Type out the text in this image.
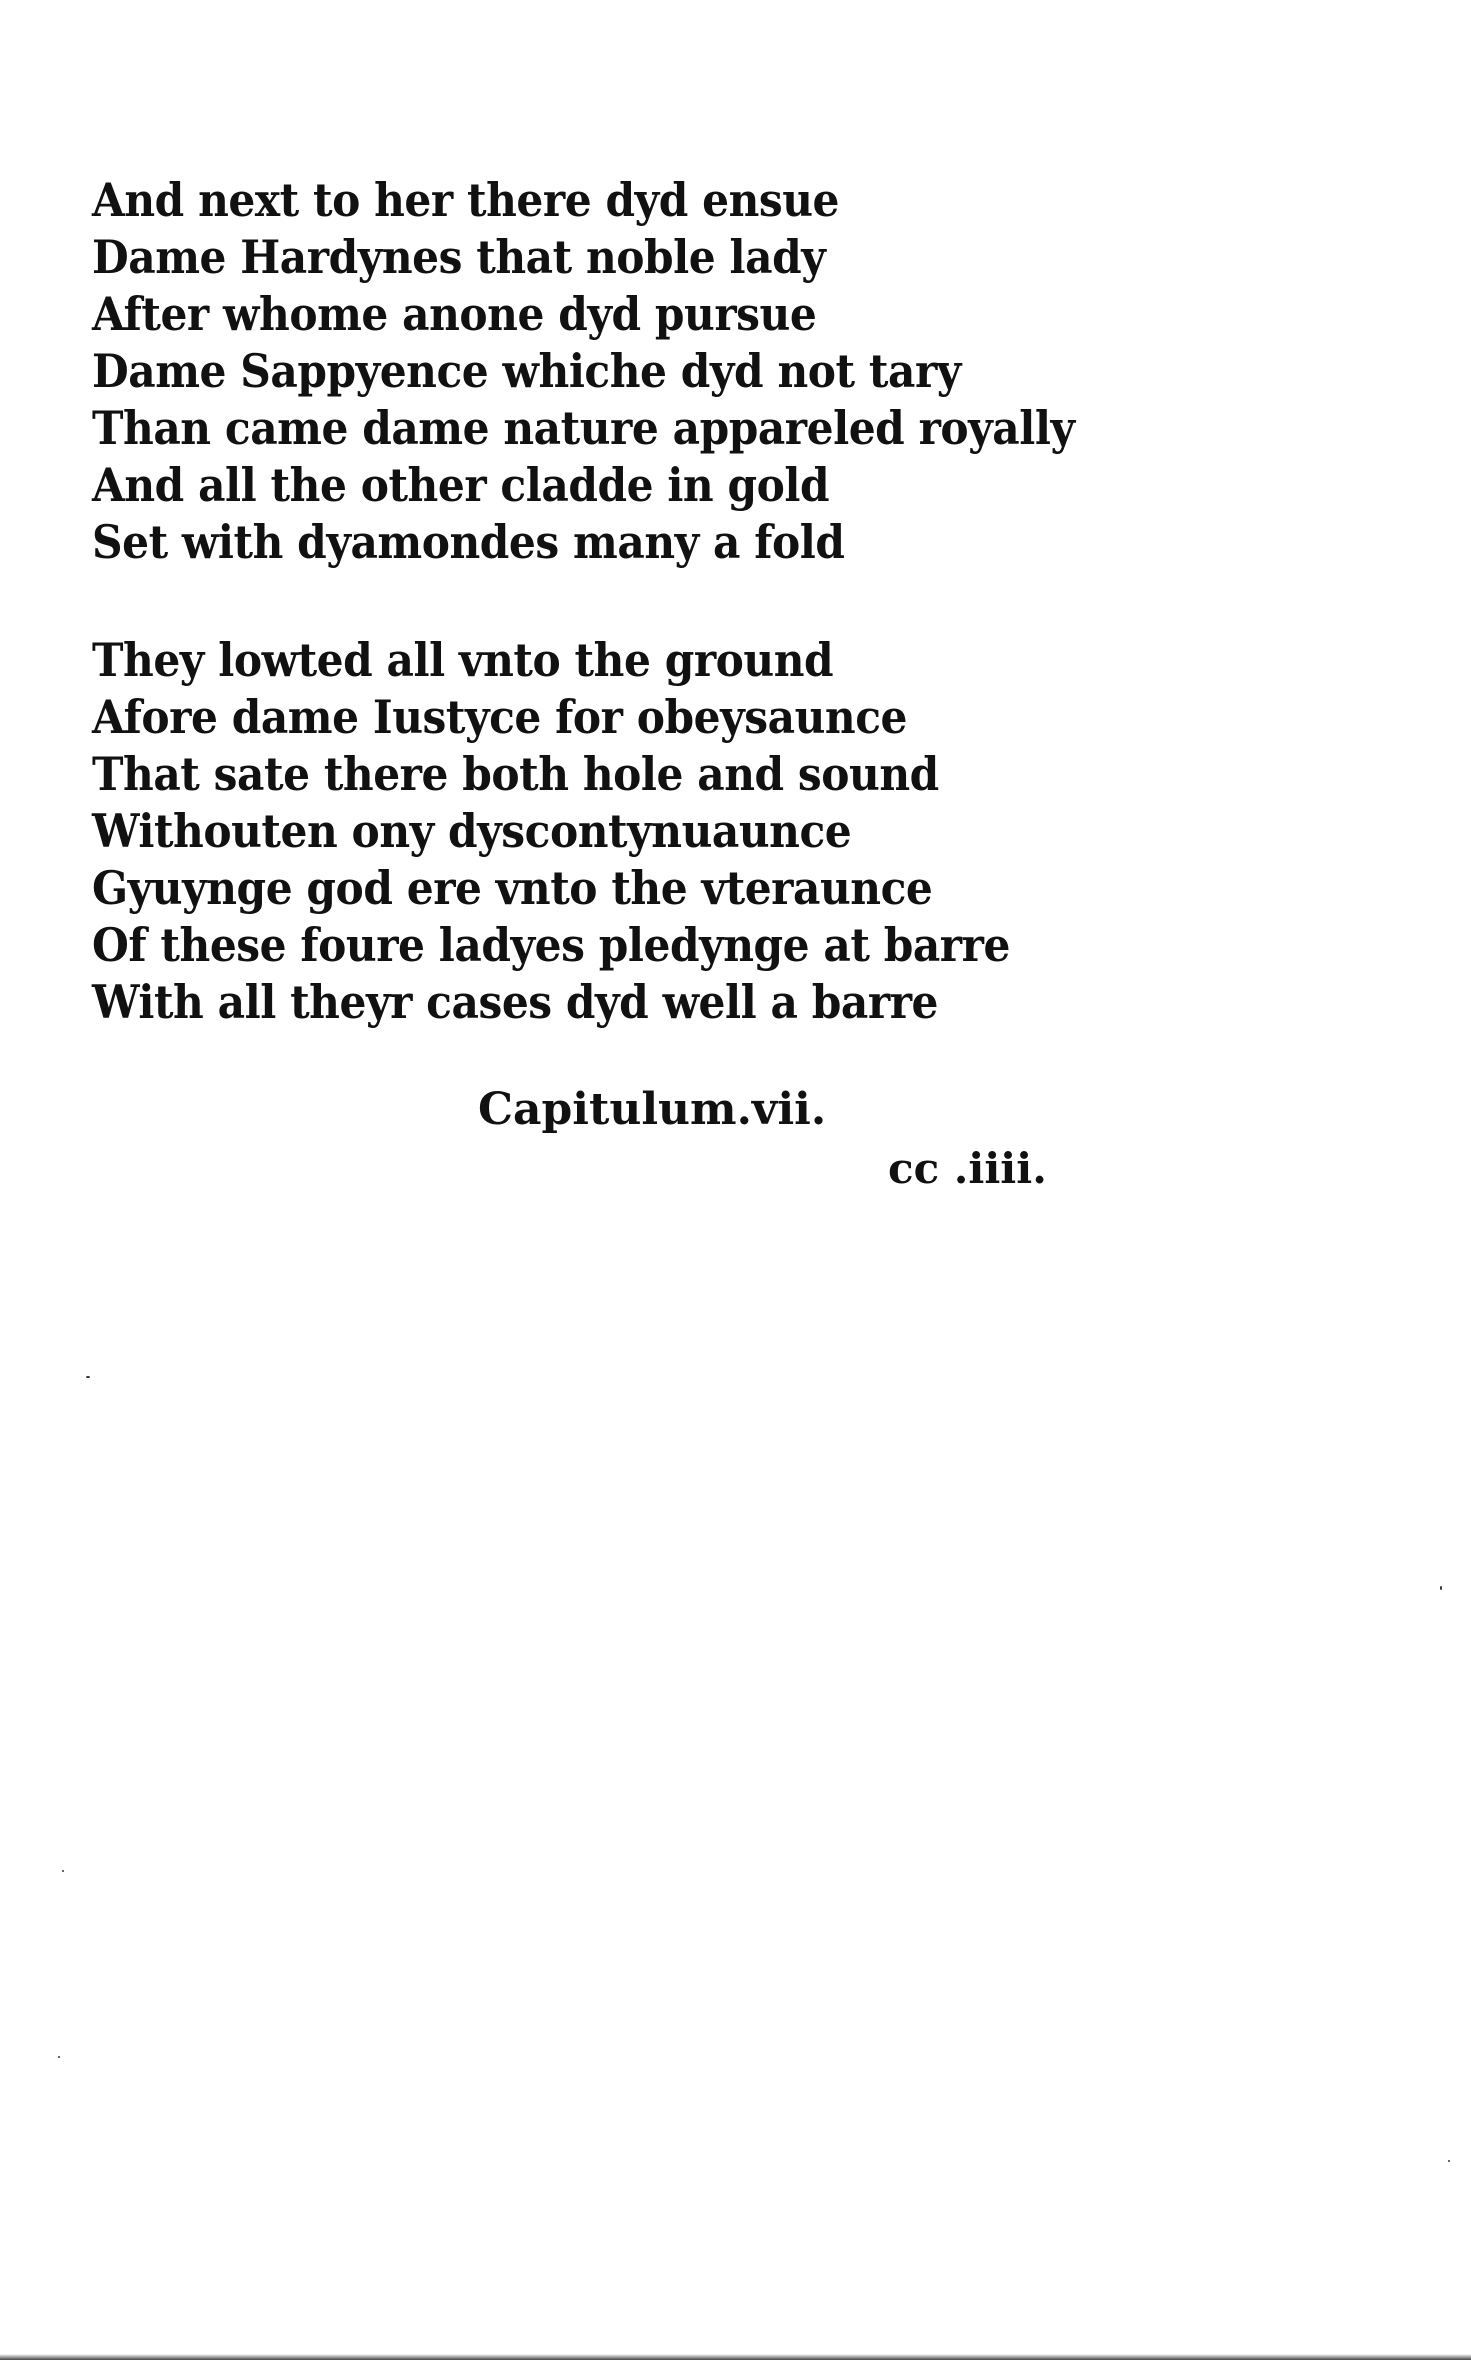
And next to her there dyd ensue
Dame Hardynes that noble lady
After whome anone dyd pursue
Dame Sappyence whiche dyd not tary
Than came dame nature appareled royally
And all the other cladde in gold
Set with dyamondes many a fold
They lowted all vnto the ground
Afore dame Iustyce for obeysaunce
That sate there both hole and sound
Withouten ony dyscontynuaunce
Gyuynge god ere vnto the vteraunce
Of these foure ladyes pledynge at barre
With all theyr cases dyd well a barre
Capitulum.vii.
cc .iiii.
